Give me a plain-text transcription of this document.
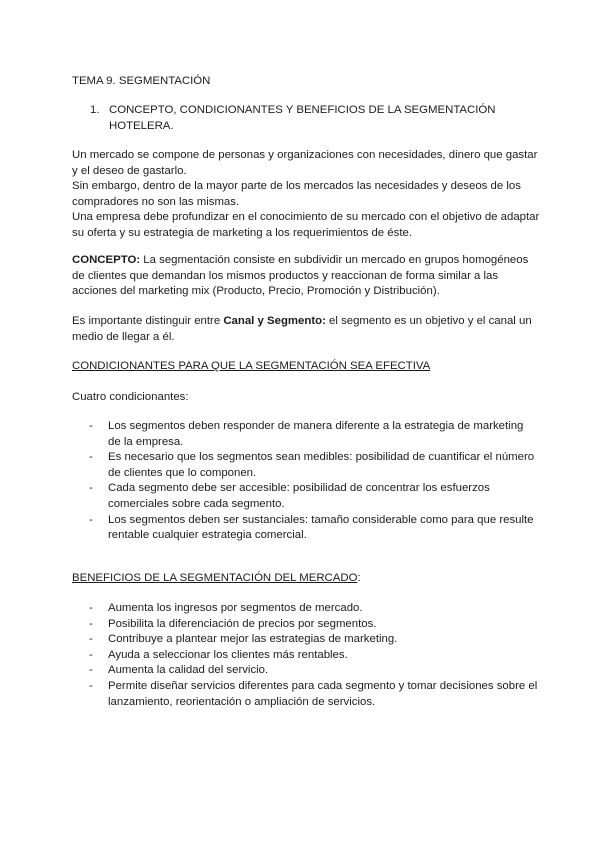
TEMA 9. SEGMENTACIÓN

1. CONCEPTO, CONDICIONANTES Y BENEFICIOS DE LA SEGMENTACIÓN
HOTELERA.

Un mercado se compone de personas y organizaciones con necesidades, dinero que gastar
y el deseo de gastarlo.
Sin embargo, dentro de la mayor parte de los mercados las necesidades y deseos de los
compradores no son las mismas.
Una empresa debe profundizar en el conocimiento de su mercado con el objetivo de adaptar
su oferta y su estrategia de marketing a los requerimientos de éste.

CONCEPTO: La segmentación consiste en subdividir un mercado en grupos homogéneos
de clientes que demandan los mismos productos y reaccionan de forma similar a las
acciones del marketing mix (Producto, Precio, Promoción y Distribución).

Es importante distinguir entre Canal y Segmento: el segmento es un objetivo y el canal un
medio de llegar a él.

CONDICIONANTES PARA QUE LA SEGMENTACIÓN SEA EFECTIVA

Cuatro condicionantes:

- Los segmentos deben responder de manera diferente a la estrategia de marketing
de la empresa.
- Es necesario que los segmentos sean medibles: posibilidad de cuantificar el número
de clientes que lo componen.
- Cada segmento debe ser accesible: posibilidad de concentrar los esfuerzos
comerciales sobre cada segmento.
- Los segmentos deben ser sustanciales: tamaño considerable como para que resulte
rentable cualquier estrategia comercial.

BENEFICIOS DE LA SEGMENTACIÓN DEL MERCADO:

- Aumenta los ingresos por segmentos de mercado.
- Posibilita la diferenciación de precios por segmentos.
- Contribuye a plantear mejor las estrategias de marketing.
- Ayuda a seleccionar los clientes más rentables.
- Aumenta la calidad del servicio.
- Permite diseñar servicios diferentes para cada segmento y tomar decisiones sobre el
lanzamiento, reorientación o ampliación de servicios.
